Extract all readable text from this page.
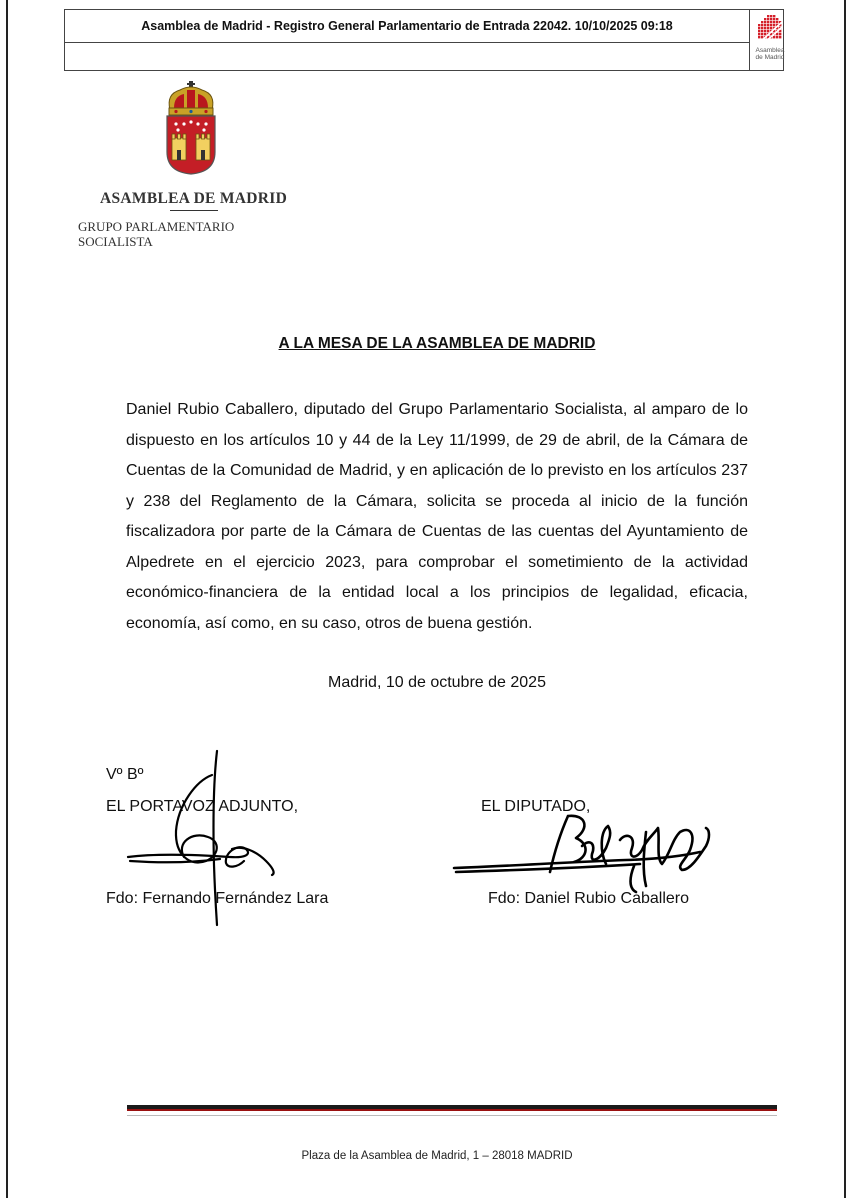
Asamblea de Madrid - Registro General Parlamentario de Entrada 22042. 10/10/2025 09:18
Asamblea
de Madrid
ASAMBLEA DE MADRID
GRUPO PARLAMENTARIO
SOCIALISTA
A LA MESA DE LA ASAMBLEA DE MADRID
Daniel Rubio Caballero, diputado del Grupo Parlamentario Socialista, al amparo de lo dispuesto en los artículos 10 y 44 de la Ley 11/1999, de 29 de abril, de la Cámara de Cuentas de la Comunidad de Madrid, y en aplicación de lo previsto en los artículos 237 y 238 del Reglamento de la Cámara, solicita se proceda al inicio de la función fiscalizadora por parte de la Cámara de Cuentas de las cuentas del Ayuntamiento de Alpedrete en el ejercicio 2023, para comprobar el sometimiento de la actividad económico-financiera de la entidad local a los principios de legalidad, eficacia, economía, así como, en su caso, otros de buena gestión.
Madrid, 10 de octubre de 2025
Vº Bº
EL PORTAVOZ ADJUNTO,
Fdo: Fernando Fernández Lara
EL DIPUTADO,
Fdo: Daniel Rubio Caballero
Plaza de la Asamblea de Madrid, 1 – 28018 MADRID
